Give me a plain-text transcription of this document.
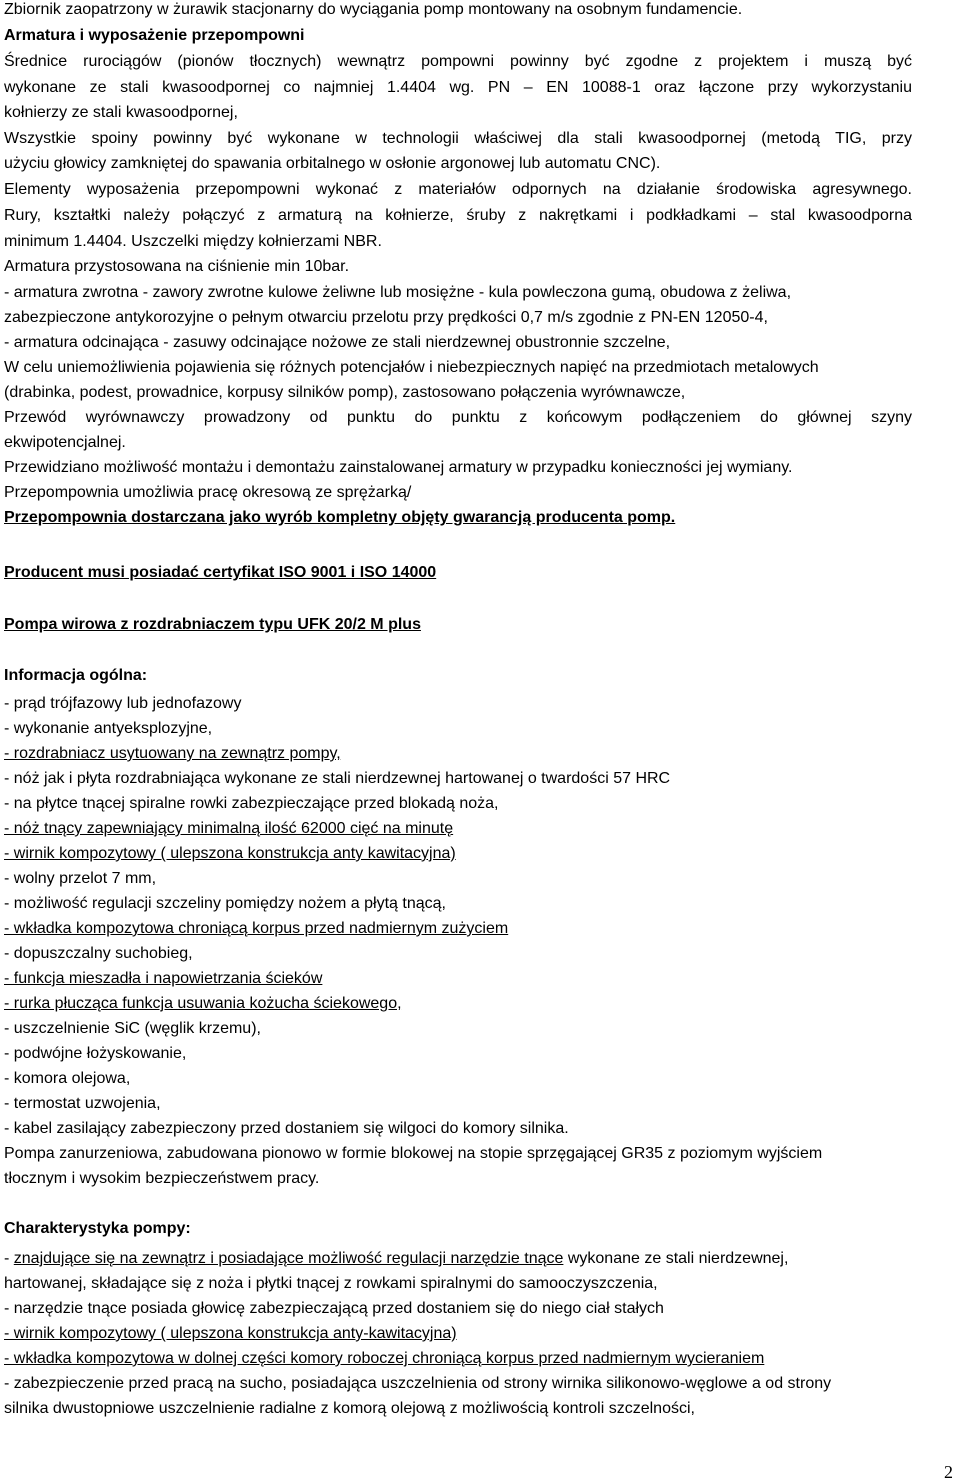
Zbiornik zaopatrzony w żurawik stacjonarny do wyciągania pomp montowany na osobnym fundamencie.
Armatura i wyposażenie przepompowni
Średnice rurociągów (pionów tłocznych) wewnątrz pompowni powinny być zgodne z projektem i muszą być
wykonane ze stali kwasoodpornej co najmniej 1.4404 wg. PN – EN 10088-1 oraz łączone przy wykorzystaniu
kołnierzy ze stali kwasoodpornej,
Wszystkie spoiny powinny być wykonane w technologii właściwej dla stali kwasoodpornej (metodą TIG, przy
użyciu głowicy zamkniętej do spawania orbitalnego w osłonie argonowej lub automatu CNC).
Elementy wyposażenia przepompowni wykonać z materiałów odpornych na działanie środowiska agresywnego.
Rury, kształtki należy połączyć z armaturą na kołnierze, śruby z nakrętkami i podkładkami – stal kwasoodporna
minimum 1.4404. Uszczelki między kołnierzami NBR.
Armatura przystosowana na ciśnienie min 10bar.
- armatura zwrotna - zawory zwrotne kulowe żeliwne lub mosiężne - kula powleczona gumą, obudowa z żeliwa,
zabezpieczone antykorozyjne o pełnym otwarciu przelotu przy prędkości 0,7 m/s zgodnie z PN-EN 12050-4,
- armatura odcinająca - zasuwy odcinające nożowe ze stali nierdzewnej obustronnie szczelne,
W celu uniemożliwienia pojawienia się różnych potencjałów i niebezpiecznych napięć na przedmiotach metalowych
(drabinka, podest, prowadnice, korpusy silników pomp), zastosowano połączenia wyrównawcze,
Przewód wyrównawczy prowadzony od punktu do punktu z końcowym podłączeniem do głównej szyny
ekwipotencjalnej.
Przewidziano możliwość montażu i demontażu zainstalowanej armatury w przypadku konieczności jej wymiany.
Przepompownia umożliwia pracę okresową ze sprężarką/
Przepompownia dostarczana jako wyrób kompletny objęty gwarancją producenta pomp.
Producent musi posiadać certyfikat ISO 9001 i ISO 14000
Pompa wirowa z rozdrabniaczem typu UFK 20/2 M plus
Informacja ogólna:
- prąd trójfazowy lub jednofazowy
- wykonanie antyeksplozyjne,
- rozdrabniacz usytuowany na zewnątrz pompy,
- nóż jak i płyta rozdrabniająca wykonane ze stali nierdzewnej hartowanej o twardości 57 HRC
- na płytce tnącej spiralne rowki zabezpieczające przed blokadą noża,
- nóż tnący zapewniający minimalną ilość 62000 cięć na minutę
- wirnik kompozytowy ( ulepszona konstrukcja anty kawitacyjna)
- wolny przelot 7 mm,
- możliwość regulacji szczeliny pomiędzy nożem a płytą tnącą,
- wkładka kompozytowa chroniącą korpus przed nadmiernym zużyciem
- dopuszczalny suchobieg,
- funkcja mieszadła i napowietrzania ścieków
- rurka płucząca funkcja usuwania kożucha ściekowego,
- uszczelnienie SiC (węglik krzemu),
- podwójne łożyskowanie,
- komora olejowa,
- termostat uzwojenia,
- kabel zasilający zabezpieczony przed dostaniem się wilgoci do komory silnika.
Pompa zanurzeniowa, zabudowana pionowo w formie blokowej na stopie sprzęgającej GR35 z poziomym wyjściem
tłocznym i wysokim bezpieczeństwem pracy.
Charakterystyka pompy:
- znajdujące się na zewnątrz i posiadające możliwość regulacji narzędzie tnące wykonane ze stali nierdzewnej,
hartowanej, składające się z noża i płytki tnącej z rowkami spiralnymi do samooczyszczenia,
- narzędzie tnące posiada głowicę zabezpieczającą przed dostaniem się do niego ciał stałych
- wirnik kompozytowy ( ulepszona konstrukcja anty-kawitacyjna)
- wkładka kompozytowa w dolnej części komory roboczej chroniącą korpus przed nadmiernym wycieraniem
- zabezpieczenie przed pracą na sucho, posiadająca uszczelnienia od strony wirnika silikonowo-węglowe a od strony
silnika dwustopniowe uszczelnienie radialne z komorą olejową z możliwością kontroli szczelności,
2
